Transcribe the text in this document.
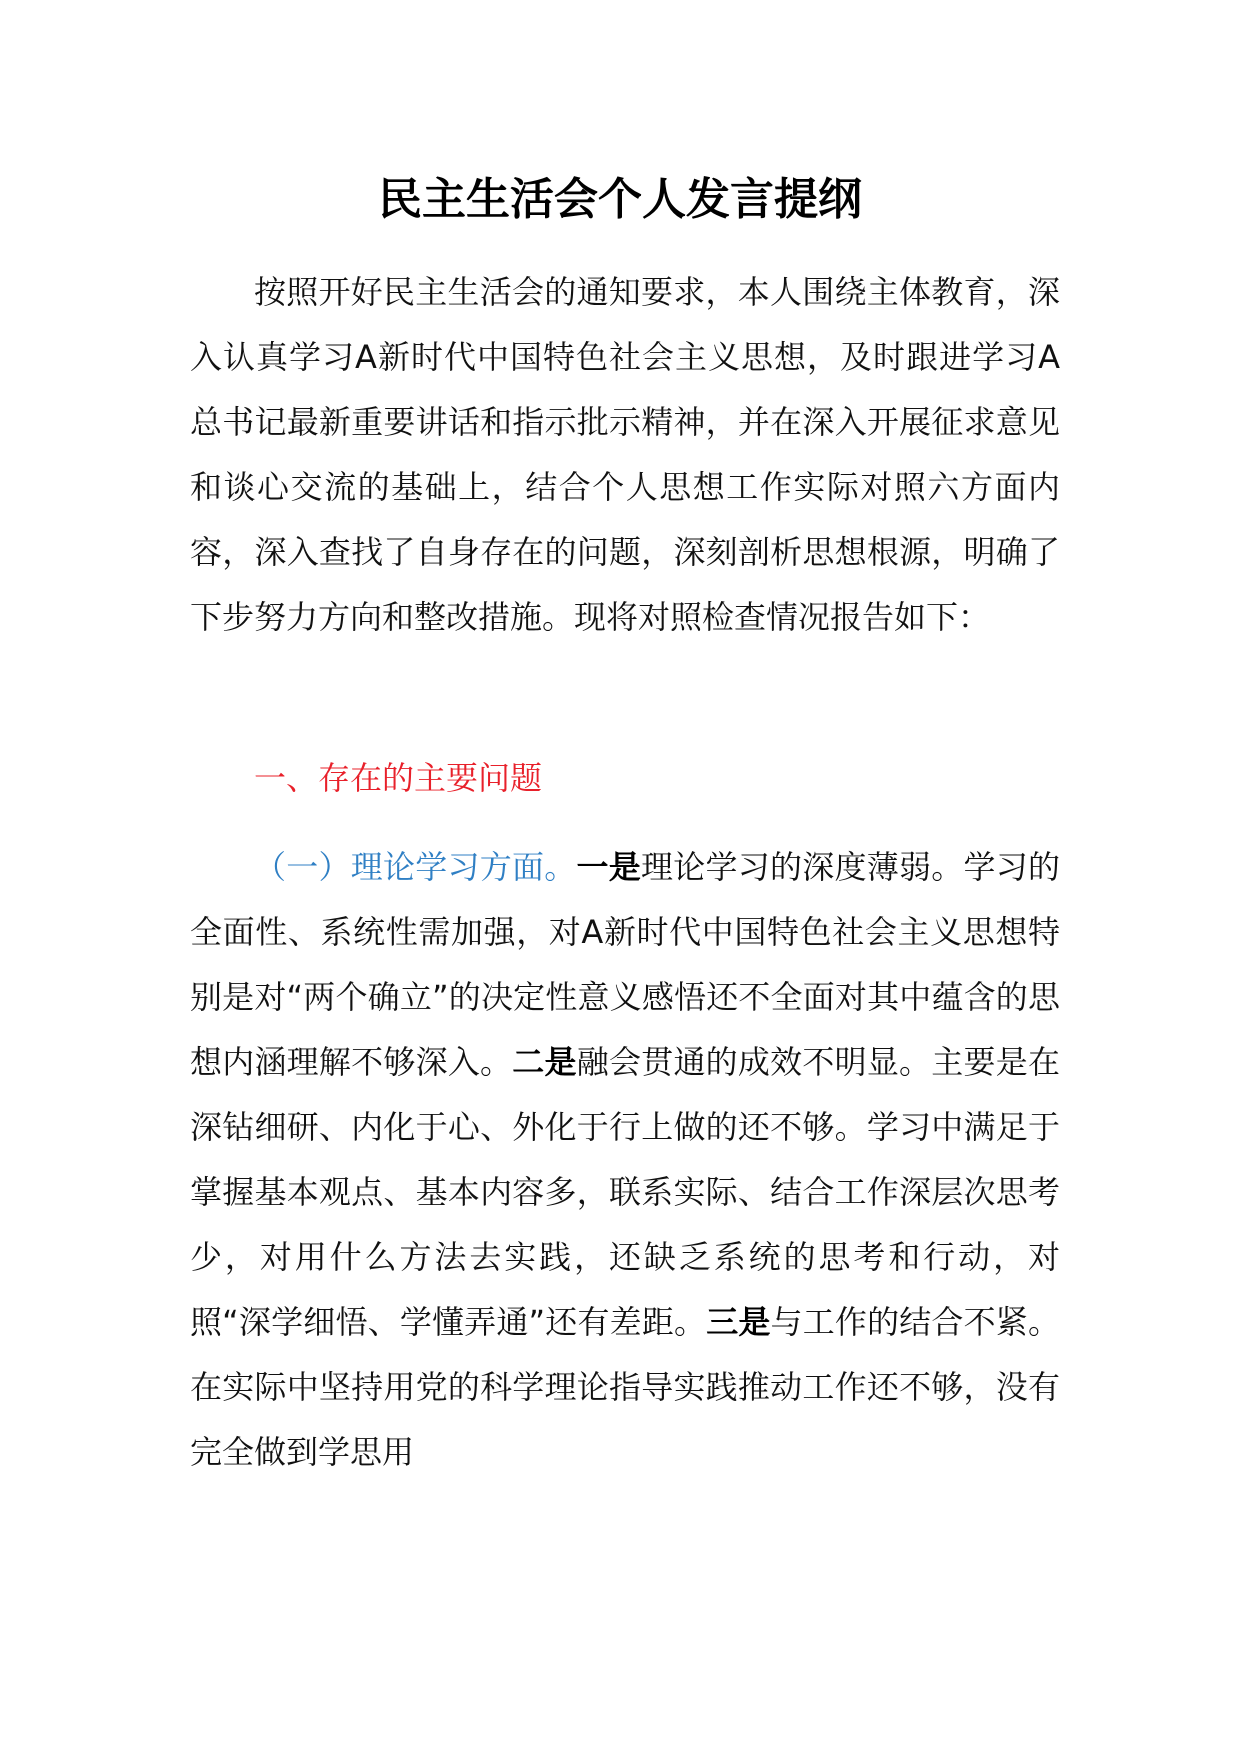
民主生活会个人发言提纲

按照开好民主生活会的通知要求，本人围绕主体教育，深入认真学习A新时代中国特色社会主义思想，及时跟进学习A总书记最新重要讲话和指示批示精神，并在深入开展征求意见和谈心交流的基础上，结合个人思想工作实际对照六方面内容，深入查找了自身存在的问题，深刻剖析思想根源，明确了下步努力方向和整改措施。现将对照检查情况报告如下：

一、存在的主要问题

（一）理论学习方面。一是理论学习的深度薄弱。学习的全面性、系统性需加强，对A新时代中国特色社会主义思想特别是对“两个确立”的决定性意义感悟还不全面对其中蕴含的思想内涵理解不够深入。二是融会贯通的成效不明显。主要是在深钻细研、内化于心、外化于行上做的还不够。学习中满足于掌握基本观点、基本内容多，联系实际、结合工作深层次思考少，对用什么方法去实践，还缺乏系统的思考和行动，对照“深学细悟、学懂弄通”还有差距。三是与工作的结合不紧。在实际中坚持用党的科学理论指导实践推动工作还不够，没有完全做到学思用
